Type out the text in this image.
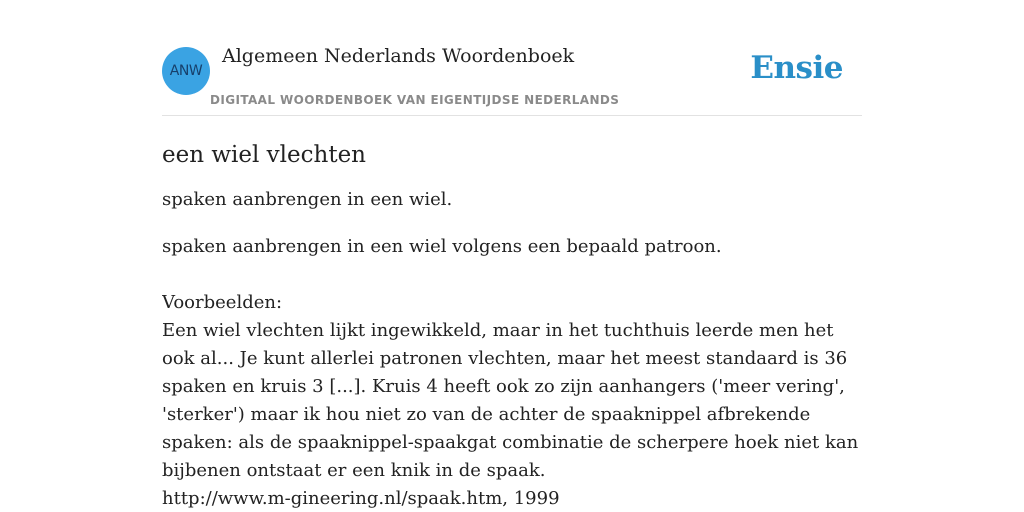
ANW
Algemeen Nederlands Woordenboek
DIGITAAL WOORDENBOEK VAN EIGENTIJDSE NEDERLANDS
Ensie
een wiel vlechten

spaken aanbrengen in een wiel.

spaken aanbrengen in een wiel volgens een bepaald patroon.

Voorbeelden:
Een wiel vlechten lijkt ingewikkeld, maar in het tuchthuis leerde men het ook al... Je kunt allerlei patronen vlechten, maar het meest standaard is 36 spaken en kruis 3 [...]. Kruis 4 heeft ook zo zijn aanhangers ('meer vering', 'sterker') maar ik hou niet zo van de achter de spaaknippel afbrekende spaken: als de spaaknippel-spaakgat combinatie de scherpere hoek niet kan bijbenen ontstaat er een knik in de spaak.
http://www.m-gineering.nl/spaak.htm, 1999
